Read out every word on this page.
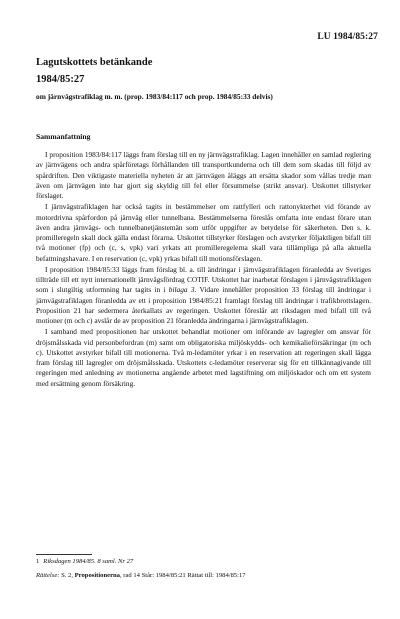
LU 1984/85:27
Lagutskottets betänkande
1984/85:27
om järnvägstrafiklag m. m. (prop. 1983/84:117 och prop. 1984/85:33 delvis)
Sammanfattning

I proposition 1983/84:117 läggs fram förslag till en ny järnvägstrafiklag. Lagen innehåller en samlad reglering av järnvägens och andra spårföretags förhållanden till transportkunderna och till dem som skadas till följd av spårdriften. Den viktigaste materiella nyheten är att järnvägen åläggs att ersätta skador som vållas tredje man även om järnvägen inte har gjort sig skyldig till fel eller försummelse (strikt ansvar). Utskottet tillstyrker förslaget.

I järnvägstrafiklagen har också tagits in bestämmelser om rattfylleri och rattonykterhet vid förande av motordrivna spårfordon på järnväg eller tunnelbana. Bestämmelserna föreslås omfatta inte endast förare utan även andra järnvägs- och tunnelbanetjänstemän som utför uppgifter av betydelse för säkerheten. Den s. k. promilleregeln skall dock gälla endast förarna. Utskottet tillstyrker förslagen och avstyrker följaktligen bifall till två motioner (fp) och (c, s, vpk) vari yrkats att promilleregelerna skall vara tillämpliga på alla aktuella befattningshavare. I en reservation (c, vpk) yrkas bifall till motionsförslagen.

I proposition 1984/85:33 läggs fram förslag bl. a. till ändringar i järnvägstrafiklagen föranledda av Sveriges tillträde till ett nytt internationellt järnvägsfördrag COTIF. Utskottet har inarbetat förslagen i järnvägstrafiklagen som i slutgiltig utformning har tagits in i bilaga 3. Vidare innehåller proposition 33 förslag till ändringar i järnvägstrafiklagen föranledda av ett i proposition 1984/85:21 framlagt förslag till ändringar i trafikbrottslagen. Proposition 21 har sedermera återkallats av regeringen. Utskottet föreslår att riksdagen med bifall till två motioner (m och c) avslår de av proposition 21 föranledda ändringarna i järnvägstrafiklagen.

I samband med propositionen har utskottet behandlat motioner om införande av lagregler om ansvar för dröjsmålsskada vid personbefordran (m) samt om obligatoriska miljöskydds- och kemikalieförsäkringar (m och c). Utskottet avstyrker bifall till motionerna. Två m-ledamöter yrkar i en reservation att regeringen skall lägga fram förslag till lagregler om dröjsmålsskada. Utskottets c-ledamöter reserverar sig för ett tillkännagivande till regeringen med anledning av motionerna angående arbetet med lagstiftning om miljöskador och om ett system med ersättning genom försäkring.

1 Riksdagen 1984/85. 8 saml. Nr 27
Rättelse: S. 2, Propositionerna, rad 14 Står: 1984/85:21 Rättat till: 1984/85:17
